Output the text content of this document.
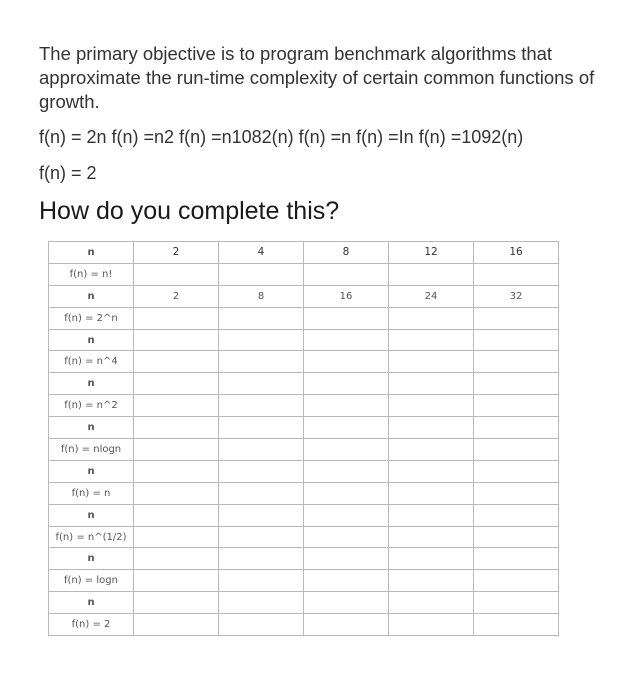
The primary objective is to program benchmark algorithms that approximate the run-time complexity of certain common functions of growth.

f(n) = 2n f(n) =n2 f(n) =n1082(n) f(n) =n f(n) =In f(n) =1092(n)

f(n) = 2

How do you complete this?
n	2	4	8	12	16
f(n) = n!					
n	2	8	16	24	32
f(n) = 2^n					
n					
f(n) = n^4					
n					
f(n) = n^2					
n					
f(n) = nlogn					
n					
f(n) = n					
n					
f(n) = n^(1/2)					
n					
f(n) = logn					
n					
f(n) = 2					
